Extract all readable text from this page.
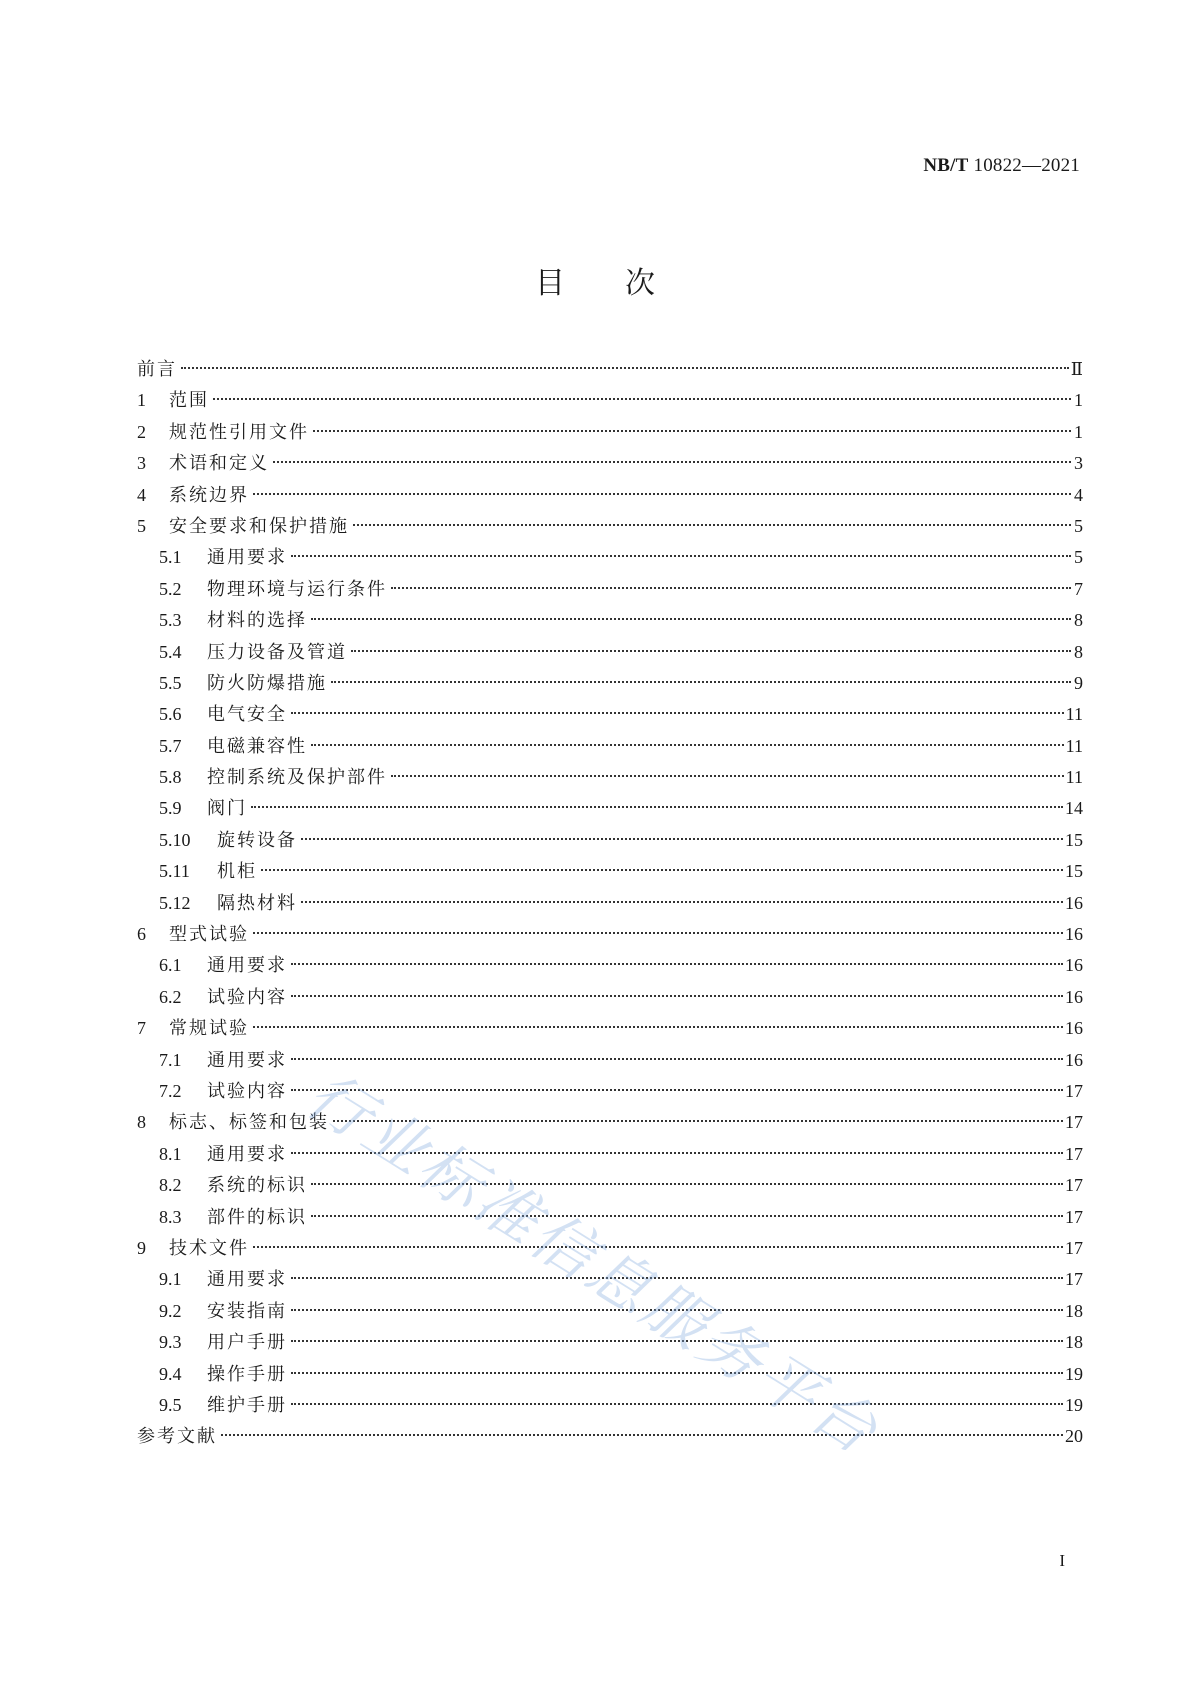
NB/T 10822—2021
目次
前言	Ⅱ
1	范围	1
2	规范性引用文件	1
3	术语和定义	3
4	系统边界	4
5	安全要求和保护措施	5
5.1	通用要求	5
5.2	物理环境与运行条件	7
5.3	材料的选择	8
5.4	压力设备及管道	8
5.5	防火防爆措施	9
5.6	电气安全	11
5.7	电磁兼容性	11
5.8	控制系统及保护部件	11
5.9	阀门	14
5.10	旋转设备	15
5.11	机柜	15
5.12	隔热材料	16
6	型式试验	16
6.1	通用要求	16
6.2	试验内容	16
7	常规试验	16
7.1	通用要求	16
7.2	试验内容	17
8	标志、标签和包装	17
8.1	通用要求	17
8.2	系统的标识	17
8.3	部件的标识	17
9	技术文件	17
9.1	通用要求	17
9.2	安装指南	18
9.3	用户手册	18
9.4	操作手册	19
9.5	维护手册	19
参考文献	20
行业标准信息服务平台
I
